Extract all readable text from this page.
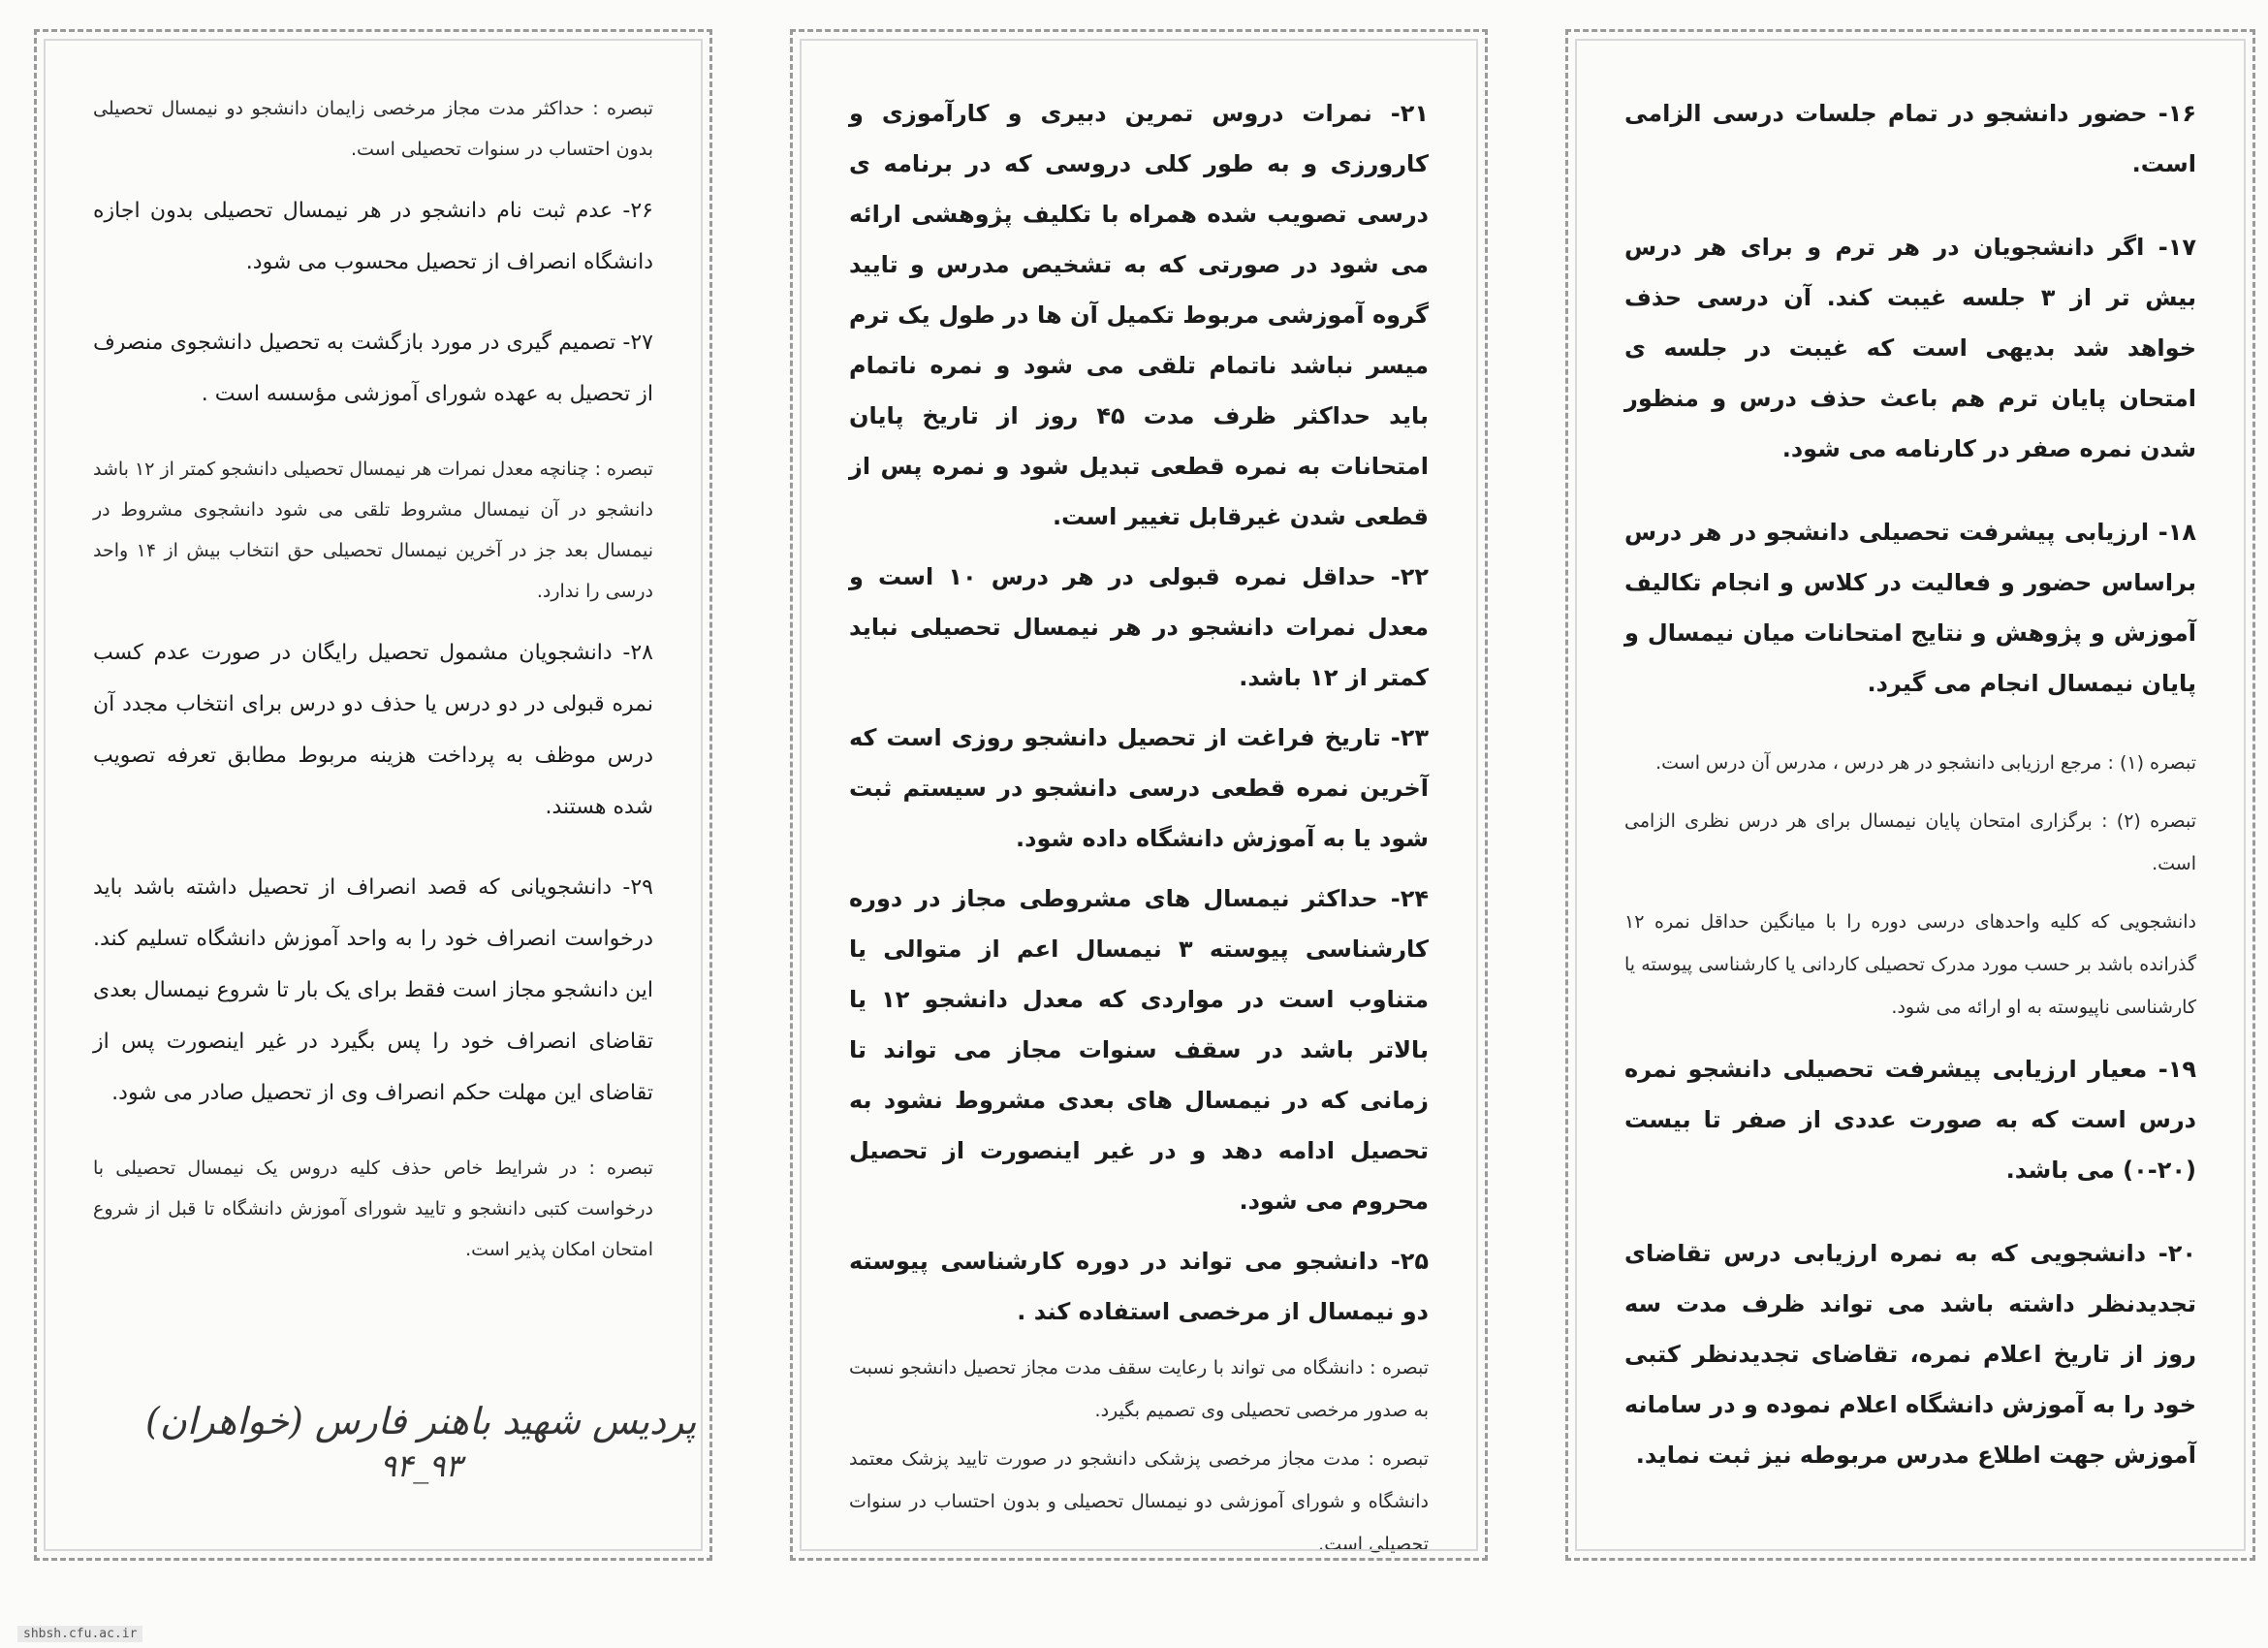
۱۶- حضور دانشجو در تمام جلسات درسی الزامی است.

۱۷- اگر دانشجویان در هر ترم و برای هر درس بیش تر از ۳ جلسه غیبت کند. آن درسی حذف خواهد شد بدیهی است که غیبت در جلسه ی امتحان پایان ترم هم باعث حذف درس و منظور شدن نمره صفر در کارنامه می شود.

۱۸- ارزیابی پیشرفت تحصیلی دانشجو در هر درس براساس حضور و فعالیت در کلاس و انجام تکالیف آموزش و پژوهش و نتایج امتحانات میان نیمسال و پایان نیمسال انجام می گیرد.

تبصره (۱) : مرجع ارزیابی دانشجو در هر درس ، مدرس آن درس است.

تبصره (۲) : برگزاری امتحان پایان نیمسال برای هر درس نظری الزامی است.

دانشجویی که کلیه واحدهای درسی دوره را با میانگین حداقل نمره ۱۲ گذرانده باشد بر حسب مورد مدرک تحصیلی کاردانی یا کارشناسی پیوسته یا کارشناسی ناپیوسته به او ارائه می شود.

۱۹- معیار ارزیابی پیشرفت تحصیلی دانشجو نمره درس است که به صورت عددی از صفر تا بیست (۲۰-۰) می باشد.

۲۰- دانشجویی که به نمره ارزیابی درس تقاضای تجدیدنظر داشته باشد می تواند ظرف مدت سه روز از تاریخ اعلام نمره، تقاضای تجدیدنظر کتبی خود را به آموزش دانشگاه اعلام نموده و در سامانه آموزش جهت اطلاع مدرس مربوطه نیز ثبت نماید.

۲۱- نمرات دروس تمرین دبیری و کارآموزی و کارورزی و به طور کلی دروسی که در برنامه ی درسی تصویب شده همراه با تکلیف پژوهشی ارائه می شود در صورتی که به تشخیص مدرس و تایید گروه آموزشی مربوط تکمیل آن ها در طول یک ترم میسر نباشد ناتمام تلقی می شود و نمره ناتمام باید حداکثر ظرف مدت ۴۵ روز از تاریخ پایان امتحانات به نمره قطعی تبدیل شود و نمره پس از قطعی شدن غیرقابل تغییر است.

۲۲- حداقل نمره قبولی در هر درس ۱۰ است و معدل نمرات دانشجو در هر نیمسال تحصیلی نباید کمتر از ۱۲ باشد.

۲۳- تاریخ فراغت از تحصیل دانشجو روزی است که آخرین نمره قطعی درسی دانشجو در سیستم ثبت شود یا به آموزش دانشگاه داده شود.

۲۴- حداکثر نیمسال های مشروطی مجاز در دوره کارشناسی پیوسته ۳ نیمسال اعم از متوالی یا متناوب است در مواردی که معدل دانشجو ۱۲ یا بالاتر باشد در سقف سنوات مجاز می تواند تا زمانی که در نیمسال های بعدی مشروط نشود به تحصیل ادامه دهد و در غیر اینصورت از تحصیل محروم می شود.

۲۵- دانشجو می تواند در دوره کارشناسی پیوسته دو نیمسال از مرخصی استفاده کند .

تبصره : دانشگاه می تواند با رعایت سقف مدت مجاز تحصیل دانشجو نسبت به صدور مرخصی تحصیلی وی تصمیم بگیرد.

تبصره : مدت مجاز مرخصی پزشکی دانشجو در صورت تایید پزشک معتمد دانشگاه و شورای آموزشی دو نیمسال تحصیلی و بدون احتساب در سنوات تحصیلی است.

تبصره : حداکثر مدت مجاز مرخصی زایمان دانشجو دو نیمسال تحصیلی بدون احتساب در سنوات تحصیلی است.

۲۶- عدم ثبت نام دانشجو در هر نیمسال تحصیلی بدون اجازه دانشگاه انصراف از تحصیل محسوب می شود.

۲۷- تصمیم گیری در مورد بازگشت به تحصیل دانشجوی منصرف از تحصیل به عهده شورای آموزشی مؤسسه است .

تبصره : چنانچه معدل نمرات هر نیمسال تحصیلی دانشجو کمتر از ۱۲ باشد دانشجو در آن نیمسال مشروط تلقی می شود دانشجوی مشروط در نیمسال بعد جز در آخرین نیمسال تحصیلی حق انتخاب بیش از ۱۴ واحد درسی را ندارد.

۲۸- دانشجویان مشمول تحصیل رایگان در صورت عدم کسب نمره قبولی در دو درس یا حذف دو درس برای انتخاب مجدد آن درس موظف به پرداخت هزینه مربوط مطابق تعرفه تصویب شده هستند.

۲۹- دانشجویانی که قصد انصراف از تحصیل داشته باشد باید درخواست انصراف خود را به واحد آموزش دانشگاه تسلیم کند. این دانشجو مجاز است فقط برای یک بار تا شروع نیمسال بعدی تقاضای انصراف خود را پس بگیرد در غیر اینصورت پس از تقاضای این مهلت حکم انصراف وی از تحصیل صادر می شود.

تبصره : در شرایط خاص حذف کلیه دروس یک نیمسال تحصیلی با درخواست کتبی دانشجو و تایید شورای آموزش دانشگاه تا قبل از شروع امتحان امکان پذیر است.

پردیس شهید باهنر فارس (خواهران)
۹۳_۹۴
shbsh.cfu.ac.ir
